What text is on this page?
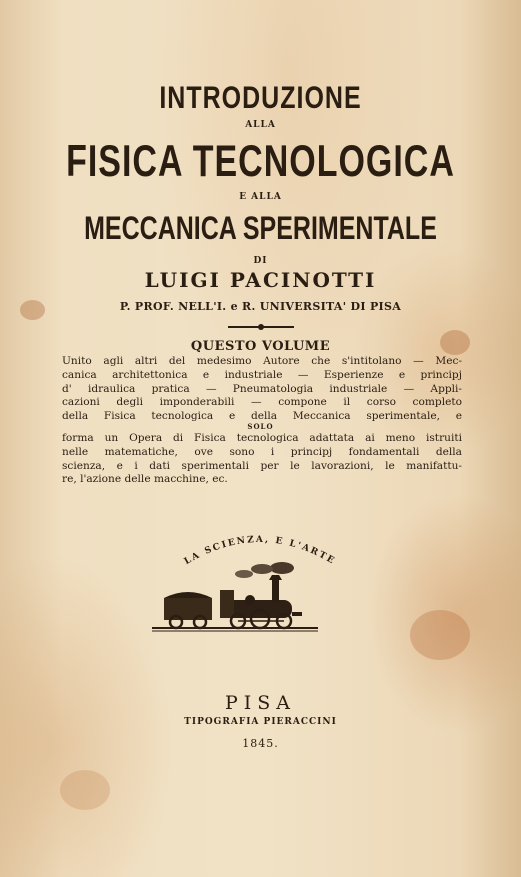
INTRODUZIONE
ALLA
FISICA TECNOLOGICA
E ALLA
MECCANICA SPERIMENTALE
DI
LUIGI PACINOTTI
P. PROF. NELL'I. e R. UNIVERSITA' DI PISA
QUESTO VOLUME
Unito agli altri del medesimo Autore che s'intitolano — Mec-
canica architettonica e industriale — Esperienze e principj
d' idraulica pratica — Pneumatologia industriale — Appli-
cazioni degli imponderabili — compone il corso completo
della Fisica tecnologica e della Meccanica sperimentale, e
SOLO
forma un Opera di Fisica tecnologica adattata ai meno istruiti
nelle matematiche, ove sono i principj fondamentali della
scienza, e i dati sperimentali per le lavorazioni, le manifattu-
re, l'azione delle macchine, ec.
LA SCIENZA, E L'ARTE
PISA
TIPOGRAFIA PIERACCINI
1845.
